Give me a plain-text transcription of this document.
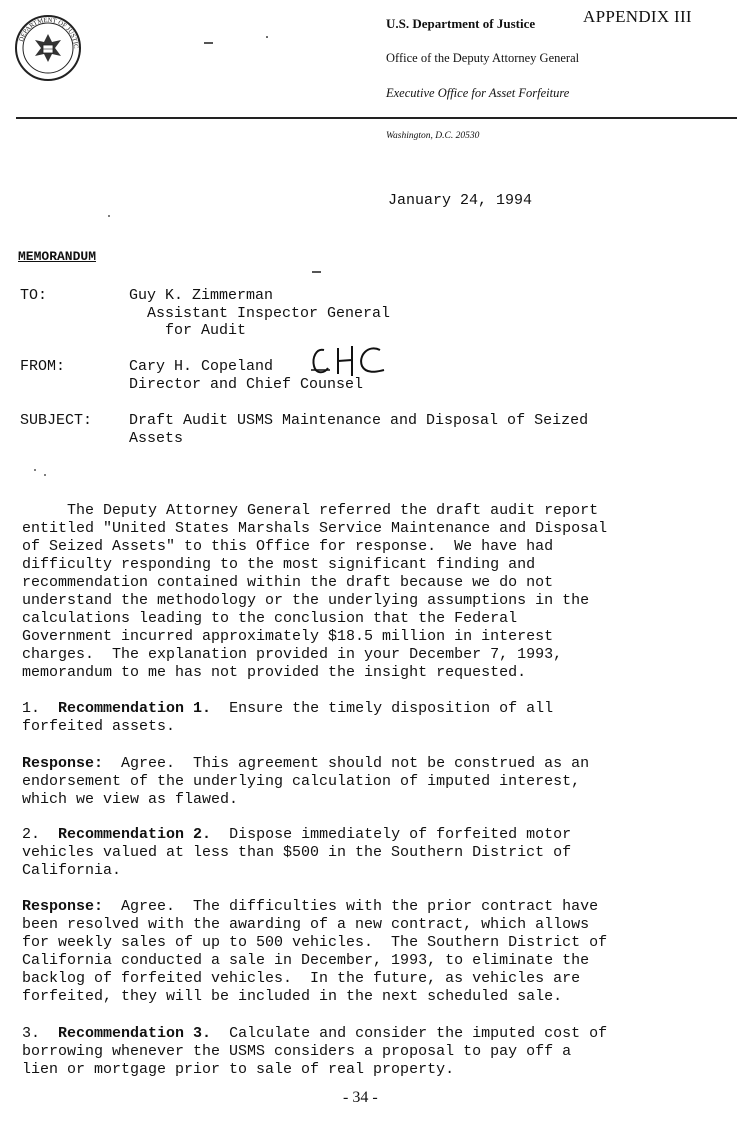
DEPARTMENT OF JUSTIC
APPENDIX III
U.S. Department of Justice
Office of the Deputy Attorney General
Executive Office for Asset Forfeiture
Washington, D.C. 20530
January 24, 1994
MEMORANDUM
TO:	Guy K. Zimmerman
Assistant Inspector General
for Audit
FROM:	Cary H. Copeland
Director and Chief Counsel
SUBJECT: Draft Audit USMS Maintenance and Disposal of Seized
Assets

The Deputy Attorney General referred the draft audit report
entitled "United States Marshals Service Maintenance and Disposal
of Seized Assets" to this Office for response.  We have had
difficulty responding to the most significant finding and
recommendation contained within the draft because we do not
understand the methodology or the underlying assumptions in the
calculations leading to the conclusion that the Federal
Government incurred approximately $18.5 million in interest
charges.  The explanation provided in your December 7, 1993,
memorandum to me has not provided the insight requested.

1. Recommendation 1.  Ensure the timely disposition of all
forfeited assets.

Response:  Agree.  This agreement should not be construed as an
endorsement of the underlying calculation of imputed interest,
which we view as flawed.

2. Recommendation 2.  Dispose immediately of forfeited motor
vehicles valued at less than $500 in the Southern District of
California.

Response:  Agree.  The difficulties with the prior contract have
been resolved with the awarding of a new contract, which allows
for weekly sales of up to 500 vehicles.  The Southern District of
California conducted a sale in December, 1993, to eliminate the
backlog of forfeited vehicles.  In the future, as vehicles are
forfeited, they will be included in the next scheduled sale.

3. Recommendation 3.  Calculate and consider the imputed cost of
borrowing whenever the USMS considers a proposal to pay off a
lien or mortgage prior to sale of real property.

- 34 -
